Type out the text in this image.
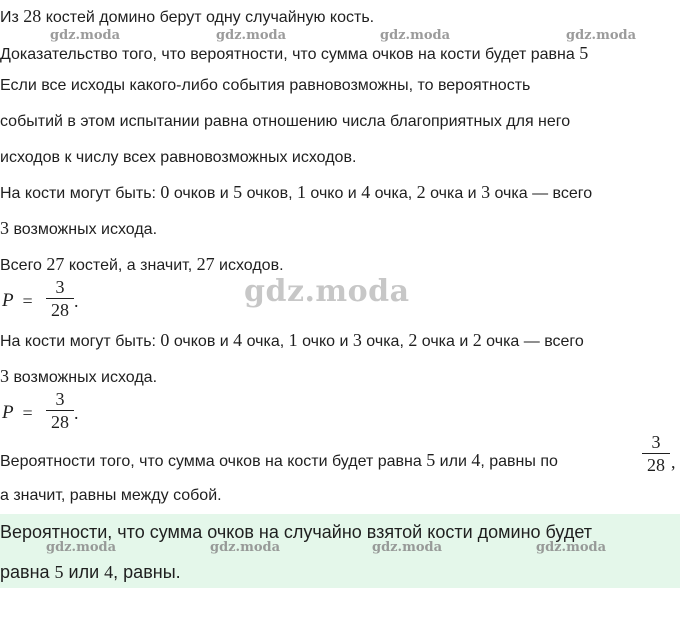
Из 28 костей домино берут одну случайную кость.
gdz.moda	gdz.moda	gdz.moda	gdz.moda
Доказательство того, что вероятности, что сумма очков на кости будет равна 5
Если все исходы какого-либо события равновозможны, то вероятность
событий в этом испытании равна отношению числа благоприятных для него
исходов к числу всех равновозможных исходов.
На кости могут быть: 0 очков и 5 очков, 1 очко и 4 очка, 2 очка и 3 очка — всего
3 возможных исхода.
Всего 27 костей, а значит, 27 исходов.
gdz.moda
P =
3
28 .
На кости могут быть: 0 очков и 4 очка, 1 очко и 3 очка, 2 очка и 2 очка — всего
3 возможных исхода.
P =
3
28 .
Вероятности того, что сумма очков на кости будет равна 5 или 4, равны по
3
28 ,
а значит, равны между собой.
Вероятности, что сумма очков на случайно взятой кости домино будет
gdz.moda	gdz.moda	gdz.moda	gdz.moda
равна 5 или 4, равны.
